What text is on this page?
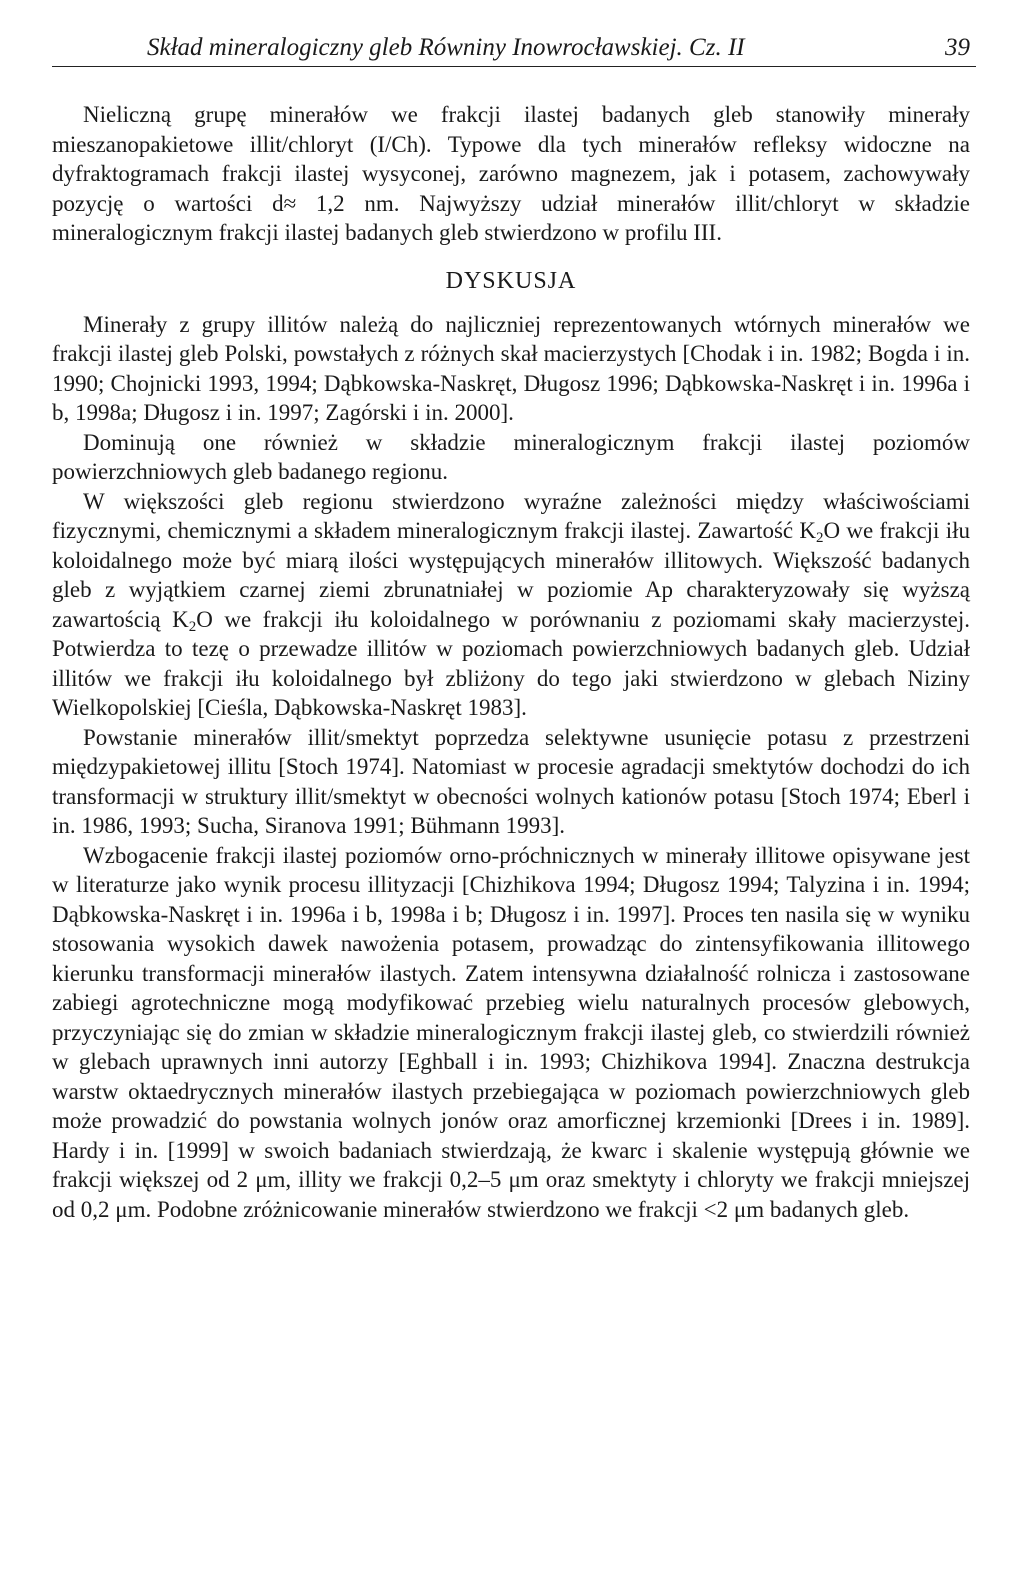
Skład mineralogiczny gleb Równiny Inowrocławskiej. Cz. II	39

Nieliczną grupę minerałów we frakcji ilastej badanych gleb stanowiły minerały mieszanopakietowe illit/chloryt (I/Ch). Typowe dla tych minerałów refleksy widoczne na dyfraktogramach frakcji ilastej wysyconej, zarówno magnezem, jak i potasem, zachowywały pozycję o wartości d≈ 1,2 nm. Najwyższy udział minerałów illit/chloryt w składzie mineralogicznym frakcji ilastej badanych gleb stwierdzono w profilu III.

DYSKUSJA

Minerały z grupy illitów należą do najliczniej reprezentowanych wtórnych minerałów we frakcji ilastej gleb Polski, powstałych z różnych skał macierzystych [Chodak i in. 1982; Bogda i in. 1990; Chojnicki 1993, 1994; Dąbkowska-Naskręt, Długosz 1996; Dąbkowska-Naskręt i in. 1996a i b, 1998a; Długosz i in. 1997; Zagórski i in. 2000].

Dominują one również w składzie mineralogicznym frakcji ilastej poziomów powierzchniowych gleb badanego regionu.

W większości gleb regionu stwierdzono wyraźne zależności między właściwościami fizycznymi, chemicznymi a składem mineralogicznym frakcji ilastej. Zawartość $K_2O$ we frakcji iłu koloidalnego może być miarą ilości występujących minerałów illitowych. Większość badanych gleb z wyjątkiem czarnej ziemi zbrunatniałej w poziomie Ap charakteryzowały się wyższą zawartością $K_2O$ we frakcji iłu koloidalnego w porównaniu z poziomami skały macierzystej. Potwierdza to tezę o przewadze illitów w poziomach powierzchniowych badanych gleb. Udział illitów we frakcji iłu koloidalnego był zbliżony do tego jaki stwierdzono w glebach Niziny Wielkopolskiej [Cieśla, Dąbkowska-Naskręt 1983].

Powstanie minerałów illit/smektyt poprzedza selektywne usunięcie potasu z przestrzeni międzypakietowej illitu [Stoch 1974]. Natomiast w procesie agradacji smektytów dochodzi do ich transformacji w struktury illit/smektyt w obecności wolnych kationów potasu [Stoch 1974; Eberl i in. 1986, 1993; Sucha, Siranova 1991; Bühmann 1993].

Wzbogacenie frakcji ilastej poziomów orno-próchnicznych w minerały illitowe opisywane jest w literaturze jako wynik procesu illityzacji [Chizhikova 1994; Długosz 1994; Talyzina i in. 1994; Dąbkowska-Naskręt i in. 1996a i b, 1998a i b; Długosz i in. 1997]. Proces ten nasila się w wyniku stosowania wysokich dawek nawożenia potasem, prowadząc do zintensyfikowania illitowego kierunku transformacji minerałów ilastych. Zatem intensywna działalność rolnicza i zastosowane zabiegi agrotechniczne mogą modyfikować przebieg wielu naturalnych procesów glebowych, przyczyniając się do zmian w składzie mineralogicznym frakcji ilastej gleb, co stwierdzili również w glebach uprawnych inni autorzy [Eghball i in. 1993; Chizhikova 1994]. Znaczna destrukcja warstw oktaedrycznych minerałów ilastych przebiegająca w poziomach powierzchniowych gleb może prowadzić do powstania wolnych jonów oraz amorficznej krzemionki [Drees i in. 1989]. Hardy i in. [1999] w swoich badaniach stwierdzają, że kwarc i skalenie występują głównie we frakcji większej od 2 μm, illity we frakcji 0,2–5 μm oraz smektyty i chloryty we frakcji mniejszej od 0,2 μm. Podobne zróżnicowanie minerałów stwierdzono we frakcji <2 μm badanych gleb.
